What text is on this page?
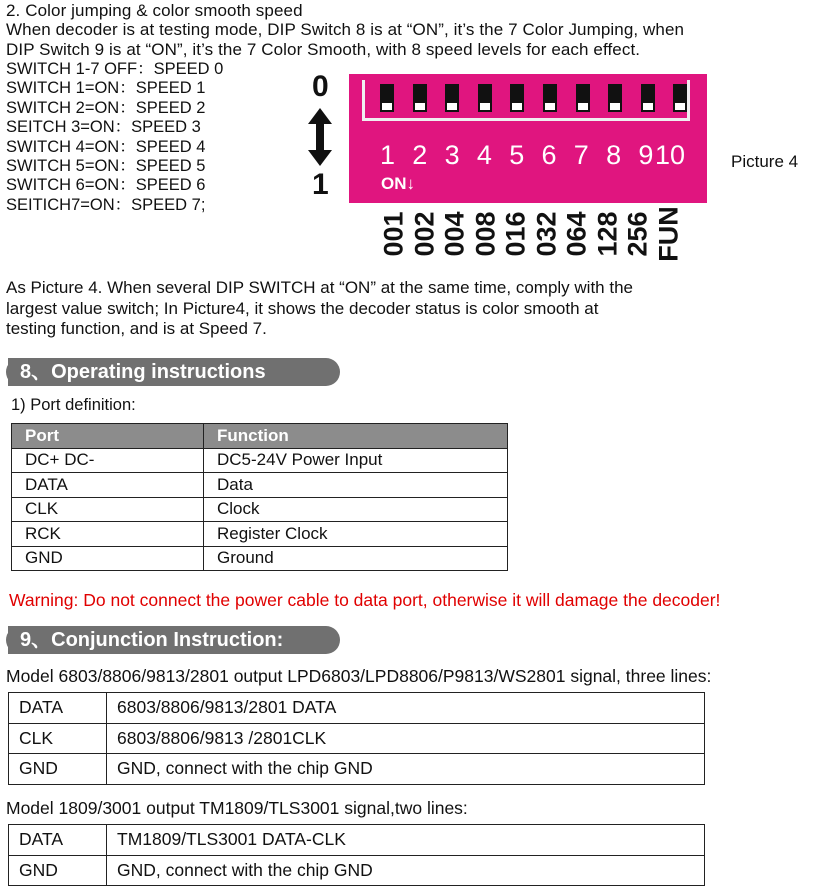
2. Color jumping & color smooth speed
When decoder is at testing mode, DIP Switch 8 is at “ON”, it’s the 7 Color Jumping, when
DIP Switch 9 is at “ON”, it’s the 7 Color Smooth, with 8 speed levels for each effect.
SWITCH 1-7 OFF：SPEED 0
SWITCH 1=ON：SPEED 1
SWITCH 2=ON：SPEED 2
SEITCH 3=ON：SPEED 3
SWITCH 4=ON：SPEED 4
SWITCH 5=ON：SPEED 5
SWITCH 6=ON：SPEED 6
SEITICH7=ON：SPEED 7;
0
1
1 2 3 4 5 6 7 8 9 10
ON↓
Picture 4
001 002 004 008 016 032 064 128 256 FUN
As Picture 4. When several DIP SWITCH at “ON” at the same time, comply with the
largest value switch; In Picture4, it shows the decoder status is color smooth at
testing function, and is at Speed 7.
8、Operating instructions
1) Port definition:
Port	Function
DC+ DC-	DC5-24V Power Input
DATA	Data
CLK	Clock
RCK	Register Clock
GND	Ground
Warning: Do not connect the power cable to data port, otherwise it will damage the decoder!
9、Conjunction Instruction:
Model 6803/8806/9813/2801 output LPD6803/LPD8806/P9813/WS2801 signal, three lines:
DATA	6803/8806/9813/2801 DATA
CLK	6803/8806/9813 /2801CLK
GND	GND, connect with the chip GND
Model 1809/3001 output TM1809/TLS3001 signal,two lines:
DATA	TM1809/TLS3001 DATA-CLK
GND	GND, connect with the chip GND
